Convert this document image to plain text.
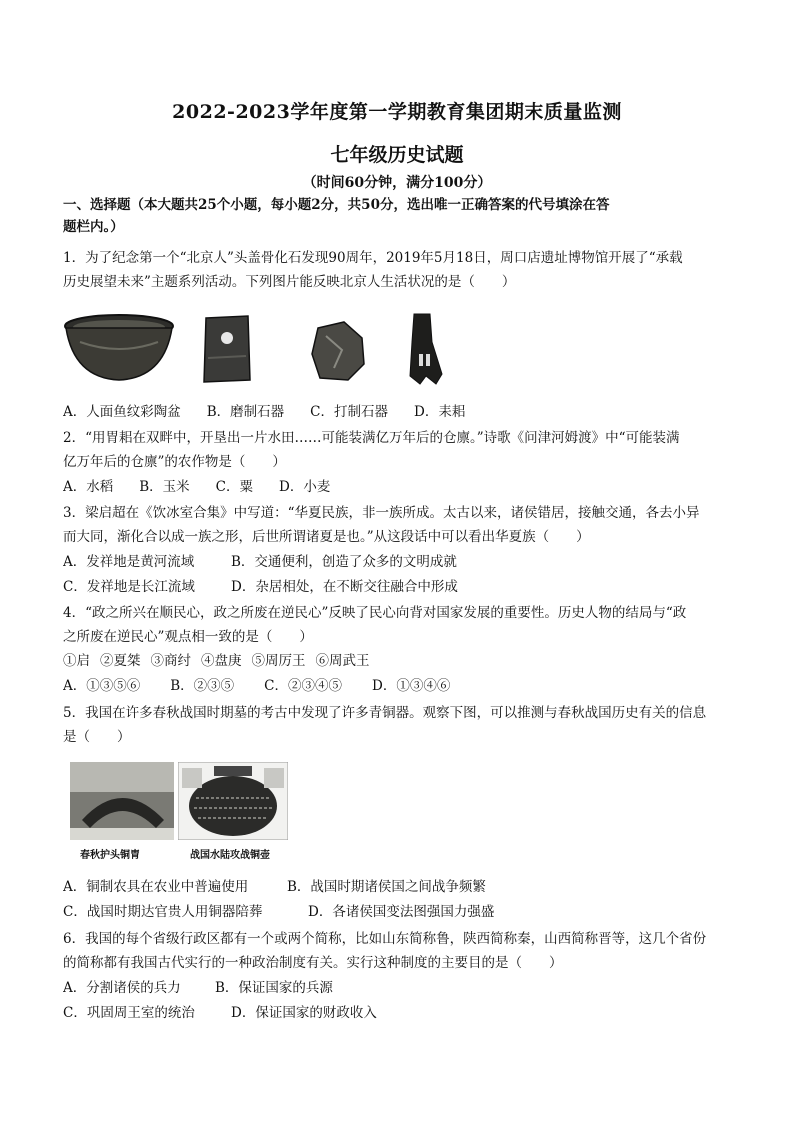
2022-2023学年度第一学期教育集团期末质量监测
七年级历史试题
（时间60分钟，满分100分）
一、选择题（本大题共25个小题，每小题2分，共50分，选出唯一正确答案的代号填涂在答
题栏内。）
1．为了纪念第一个“北京人”头盖骨化石发现90周年，2019年5月18日，周口店遗址博物馆开展了“承载
历史展望未来”主题系列活动。下列图片能反映北京人生活状况的是（　　）
A．人面鱼纹彩陶盆 B．磨制石器 C．打制石器 D．耒耜
2．“用胃耜在双畔中，开垦出一片水田……可能装满亿万年后的仓廪。”诗歌《问津河姆渡》中“可能装满
亿万年后的仓廪”的农作物是（　　）
A．水稻 B．玉米 C．粟 D．小麦
3．梁启超在《饮冰室合集》中写道：“华夏民族，非一族所成。太古以来，诸侯错居，接触交通，各去小异
而大同，渐化合以成一族之形，后世所谓诸夏是也。”从这段话中可以看出华夏族（　　）
A．发祥地是黄河流域	B．交通便利，创造了众多的文明成就
C．发祥地是长江流域	D．杂居相处，在不断交往融合中形成
4．“政之所兴在顺民心，政之所废在逆民心”反映了民心向背对国家发展的重要性。历史人物的结局与“政
之所废在逆民心”观点相一致的是（　　）
①启 ②夏桀 ③商纣 ④盘庚 ⑤周厉王 ⑥周武王
A．①③⑤⑥ B．②③⑤ C．②③④⑤ D．①③④⑥
5．我国在许多春秋战国时期墓的考古中发现了许多青铜器。观察下图，可以推测与春秋战国历史有关的信息
是（　　）
春秋护头铜胄	战国水陆攻战铜壶
A．铜制农具在农业中普遍使用	B．战国时期诸侯国之间战争频繁
C．战国时期达官贵人用铜器陪葬	D．各诸侯国变法图强国力强盛
6．我国的每个省级行政区都有一个或两个简称，比如山东简称鲁，陕西简称秦，山西简称晋等，这几个省份
的简称都有我国古代实行的一种政治制度有关。实行这种制度的主要目的是（　　）
A．分割诸侯的兵力	B．保证国家的兵源
C．巩固周王室的统治	D．保证国家的财政收入
